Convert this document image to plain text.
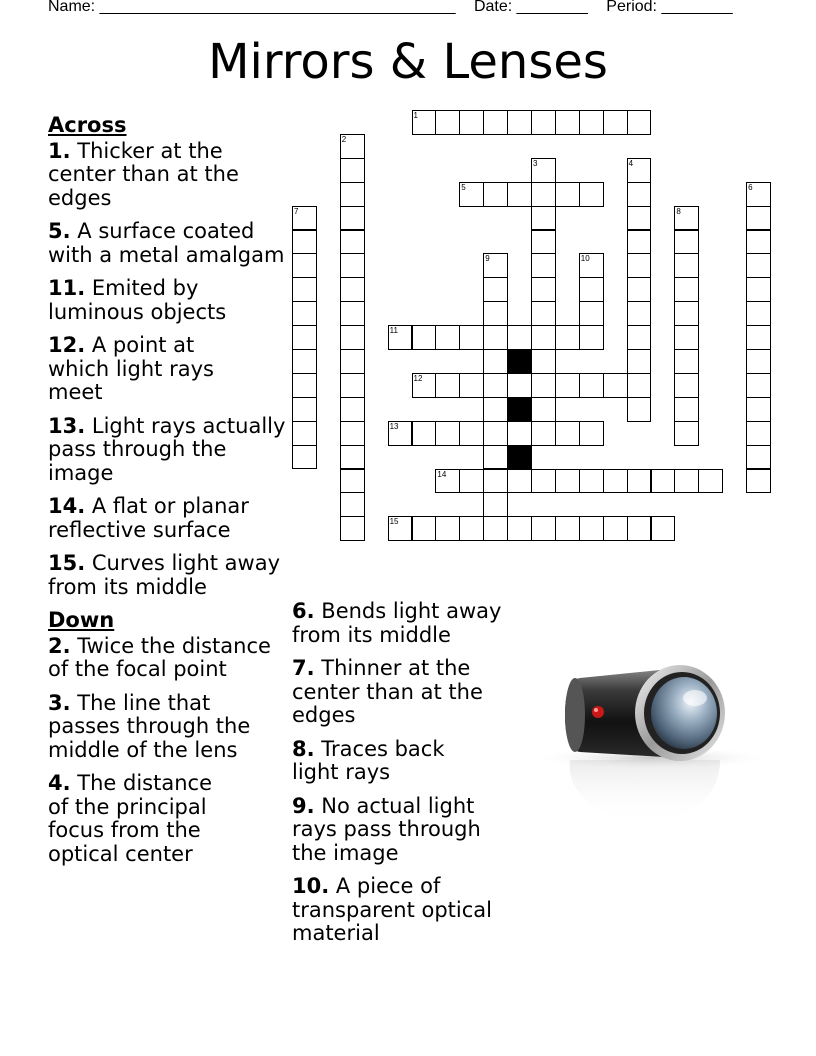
Name: ________________________________________ Date: ________ Period: ________
Mirrors & Lenses
Across
1. Thicker at the center than at the edges
5. A surface coated with a metal amalgam
11. Emited by luminous objects
12. A point at which light rays meet
13. Light rays actually pass through the image
14. A flat or planar reflective surface
15. Curves light away from its middle
Down
2. Twice the distance of the focal point
3. The line that passes through the middle of the lens
4. The distance of the principal focus from the optical center
6. Bends light away from its middle
7. Thinner at the center than at the edges
8. Traces back light rays
9. No actual light rays pass through the image
10. A piece of transparent optical material
1
5
11
12
13
14
15
2
3	4
6
7	8
9	10
